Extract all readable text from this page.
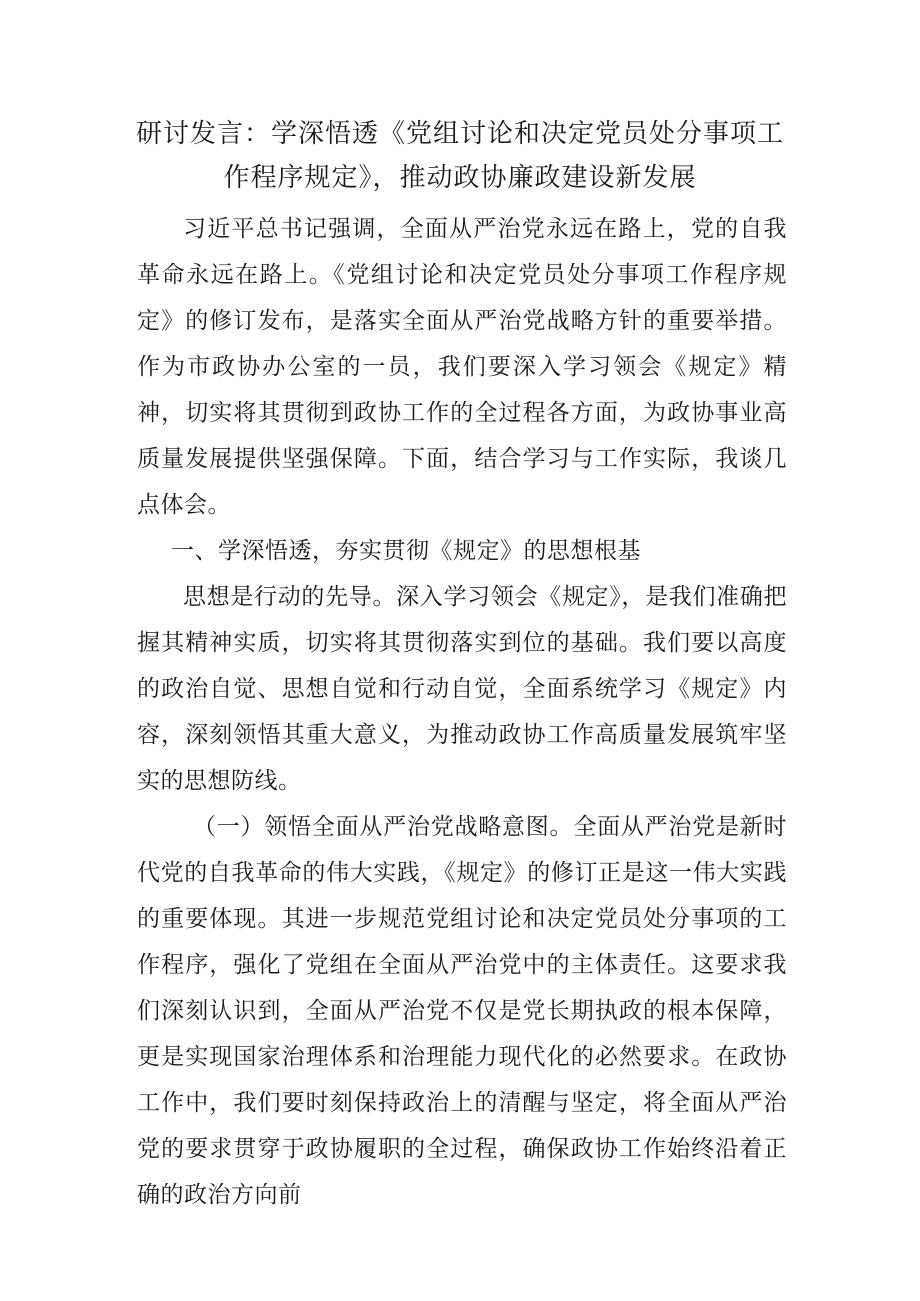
研讨发言：学深悟透《党组讨论和决定党员处分事项工作程序规定》，推动政协廉政建设新发展

习近平总书记强调，全面从严治党永远在路上，党的自我革命永远在路上。《党组讨论和决定党员处分事项工作程序规定》的修订发布，是落实全面从严治党战略方针的重要举措。作为市政协办公室的一员，我们要深入学习领会《规定》精神，切实将其贯彻到政协工作的全过程各方面，为政协事业高质量发展提供坚强保障。下面，结合学习与工作实际，我谈几点体会。

一、学深悟透，夯实贯彻《规定》的思想根基

思想是行动的先导。深入学习领会《规定》，是我们准确把握其精神实质，切实将其贯彻落实到位的基础。我们要以高度的政治自觉、思想自觉和行动自觉，全面系统学习《规定》内容，深刻领悟其重大意义，为推动政协工作高质量发展筑牢坚实的思想防线。

（一）领悟全面从严治党战略意图。全面从严治党是新时代党的自我革命的伟大实践，《规定》的修订正是这一伟大实践的重要体现。其进一步规范党组讨论和决定党员处分事项的工作程序，强化了党组在全面从严治党中的主体责任。这要求我们深刻认识到，全面从严治党不仅是党长期执政的根本保障，更是实现国家治理体系和治理能力现代化的必然要求。在政协工作中，我们要时刻保持政治上的清醒与坚定，将全面从严治党的要求贯穿于政协履职的全过程，确保政协工作始终沿着正确的政治方向前
